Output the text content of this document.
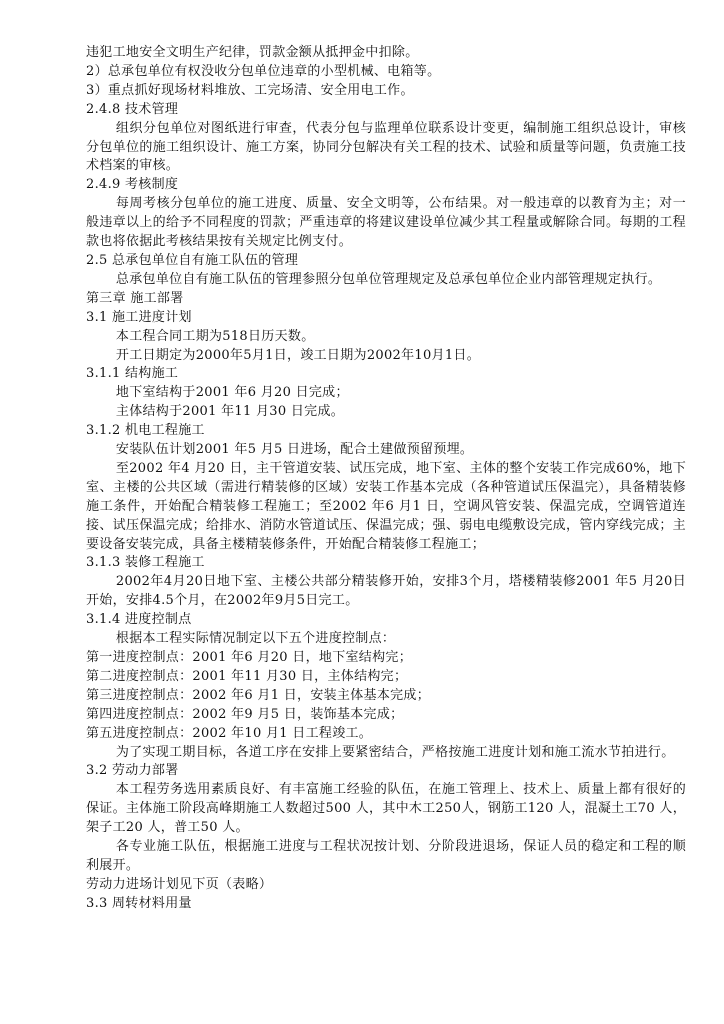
违犯工地安全文明生产纪律，罚款金额从抵押金中扣除。

2）总承包单位有权没收分包单位违章的小型机械、电箱等。

3）重点抓好现场材料堆放、工完场清、安全用电工作。

2.4.8 技术管理

组织分包单位对图纸进行审查，代表分包与监理单位联系设计变更，编制施工组织总设计，审核分包单位的施工组织设计、施工方案，协同分包解决有关工程的技术、试验和质量等问题，负责施工技术档案的审核。

2.4.9 考核制度

每周考核分包单位的施工进度、质量、安全文明等，公布结果。对一般违章的以教育为主；对一般违章以上的给予不同程度的罚款；严重违章的将建议建设单位减少其工程量或解除合同。每期的工程款也将依据此考核结果按有关规定比例支付。

2.5 总承包单位自有施工队伍的管理

总承包单位自有施工队伍的管理参照分包单位管理规定及总承包单位企业内部管理规定执行。

第三章 施工部署

3.1 施工进度计划

本工程合同工期为518日历天数。

开工日期定为2000年5月1日，竣工日期为2002年10月1日。

3.1.1 结构施工

地下室结构于2001 年6 月20 日完成；

主体结构于2001 年11 月30 日完成。

3.1.2 机电工程施工

安装队伍计划2001 年5 月5 日进场，配合土建做预留预埋。

至2002 年4 月20 日，主干管道安装、试压完成，地下室、主体的整个安装工作完成60%，地下室、主楼的公共区域（需进行精装修的区域）安装工作基本完成（各种管道试压保温完），具备精装修施工条件，开始配合精装修工程施工；至2002 年6 月1 日，空调风管安装、保温完成，空调管道连接、试压保温完成；给排水、消防水管道试压、保温完成；强、弱电电缆敷设完成，管内穿线完成；主要设备安装完成，具备主楼精装修条件，开始配合精装修工程施工；

3.1.3 装修工程施工

2002年4月20日地下室、主楼公共部分精装修开始，安排3个月，塔楼精装修2001 年5 月20日开始，安排4.5个月，在2002年9月5日完工。

3.1.4 进度控制点

根据本工程实际情况制定以下五个进度控制点：

第一进度控制点：2001 年6 月20 日，地下室结构完；

第二进度控制点：2001 年11 月30 日，主体结构完；

第三进度控制点：2002 年6 月1 日，安装主体基本完成；

第四进度控制点：2002 年9 月5 日，装饰基本完成；

第五进度控制点：2002 年10 月1 日工程竣工。

为了实现工期目标，各道工序在安排上要紧密结合，严格按施工进度计划和施工流水节拍进行。

3.2 劳动力部署

本工程劳务选用素质良好、有丰富施工经验的队伍，在施工管理上、技术上、质量上都有很好的保证。主体施工阶段高峰期施工人数超过500 人，其中木工250人，钢筋工120 人，混凝土工70 人，架子工20 人，普工50 人。

各专业施工队伍，根据施工进度与工程状况按计划、分阶段进退场，保证人员的稳定和工程的顺利展开。

劳动力进场计划见下页（表略）

3.3 周转材料用量
